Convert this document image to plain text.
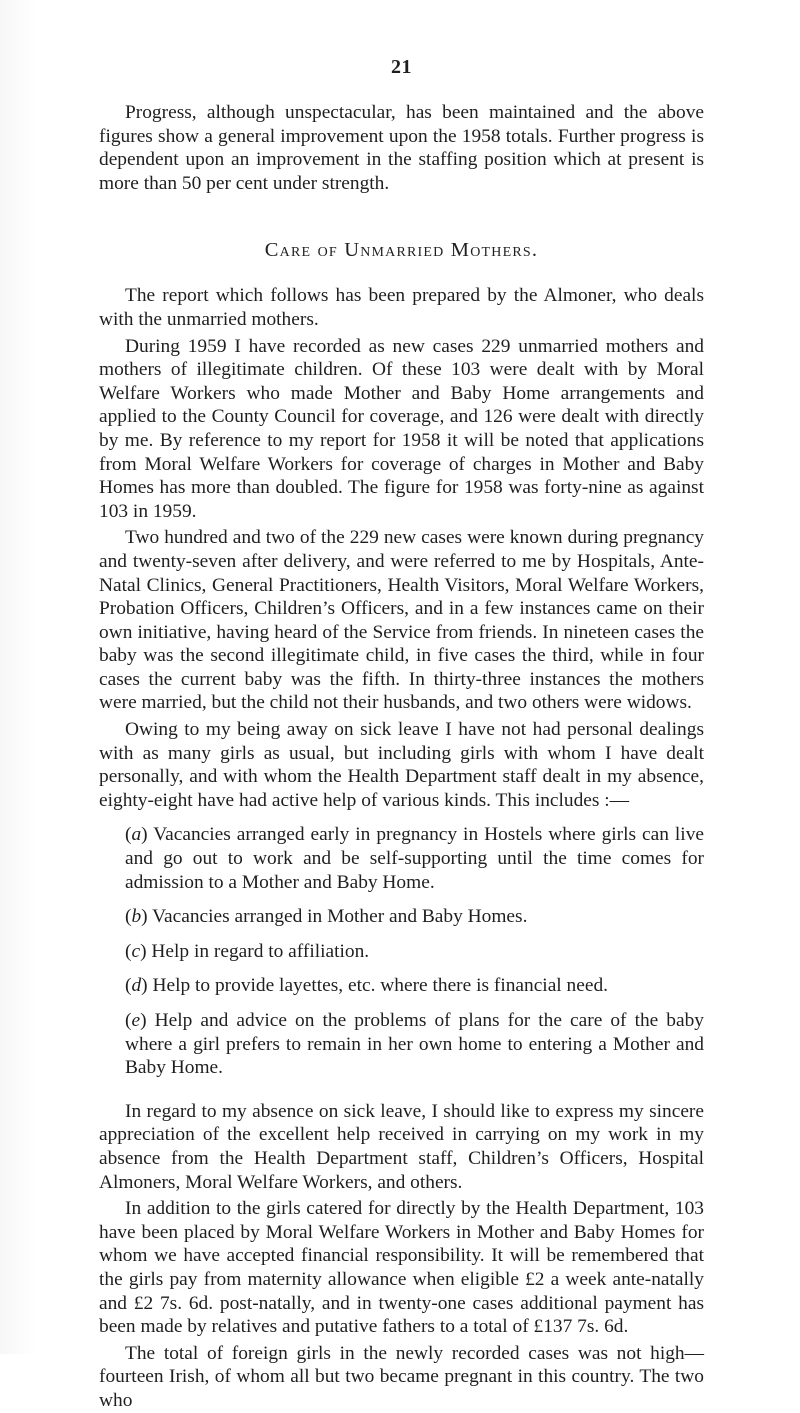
21

Progress, although unspectacular, has been maintained and the above figures show a general improvement upon the 1958 totals. Further progress is dependent upon an improvement in the staffing position which at present is more than 50 per cent under strength.

Care of Unmarried Mothers.

The report which follows has been prepared by the Almoner, who deals with the unmarried mothers.

During 1959 I have recorded as new cases 229 unmarried mothers and mothers of illegitimate children. Of these 103 were dealt with by Moral Welfare Workers who made Mother and Baby Home arrangements and applied to the County Council for coverage, and 126 were dealt with directly by me. By reference to my report for 1958 it will be noted that applications from Moral Welfare Workers for coverage of charges in Mother and Baby Homes has more than doubled. The figure for 1958 was forty-nine as against 103 in 1959.

Two hundred and two of the 229 new cases were known during pregnancy and twenty-seven after delivery, and were referred to me by Hospitals, Ante-Natal Clinics, General Practitioners, Health Visitors, Moral Welfare Workers, Probation Officers, Children’s Officers, and in a few instances came on their own initiative, having heard of the Service from friends. In nineteen cases the baby was the second illegitimate child, in five cases the third, while in four cases the current baby was the fifth. In thirty-three instances the mothers were married, but the child not their husbands, and two others were widows.

Owing to my being away on sick leave I have not had personal dealings with as many girls as usual, but including girls with whom I have dealt personally, and with whom the Health Department staff dealt in my absence, eighty-eight have had active help of various kinds. This includes :—

(a) Vacancies arranged early in pregnancy in Hostels where girls can live and go out to work and be self-supporting until the time comes for admission to a Mother and Baby Home.

(b) Vacancies arranged in Mother and Baby Homes.

(c) Help in regard to affiliation.

(d) Help to provide layettes, etc. where there is financial need.

(e) Help and advice on the problems of plans for the care of the baby where a girl prefers to remain in her own home to entering a Mother and Baby Home.

In regard to my absence on sick leave, I should like to express my sincere appreciation of the excellent help received in carrying on my work in my absence from the Health Department staff, Children’s Officers, Hospital Almoners, Moral Welfare Workers, and others.

In addition to the girls catered for directly by the Health Department, 103 have been placed by Moral Welfare Workers in Mother and Baby Homes for whom we have accepted financial responsibility. It will be remembered that the girls pay from maternity allowance when eligible £2 a week ante-natally and £2 7s. 6d. post-natally, and in twenty-one cases additional payment has been made by relatives and putative fathers to a total of £137 7s. 6d.

The total of foreign girls in the newly recorded cases was not high—fourteen Irish, of whom all but two became pregnant in this country. The two who
